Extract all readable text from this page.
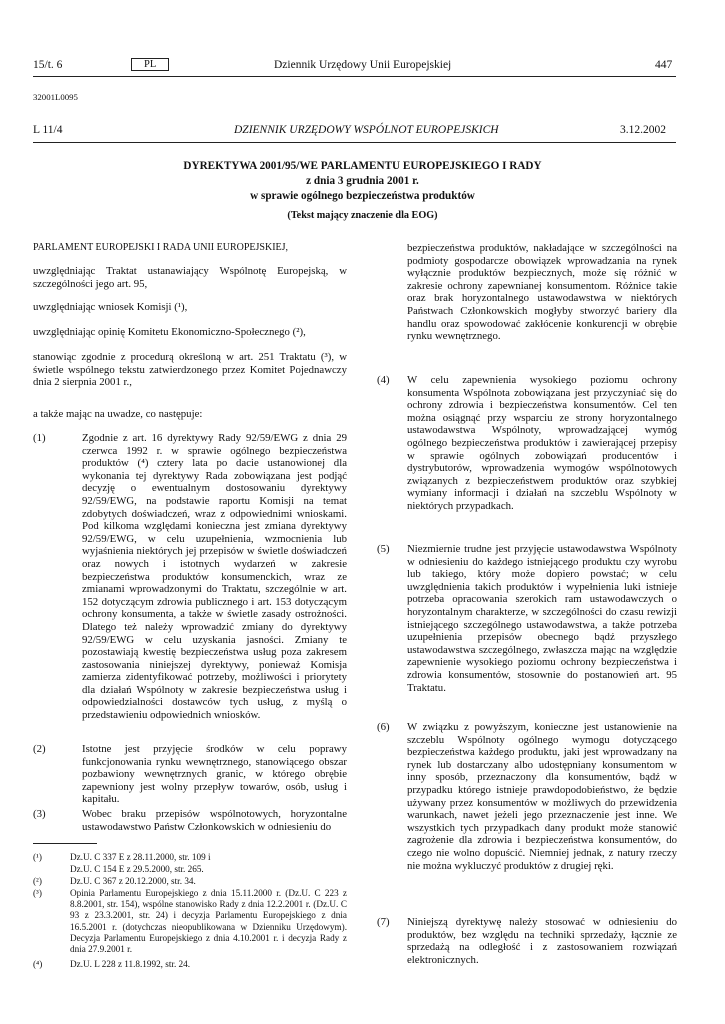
15/t. 6	PL	Dziennik Urzędowy Unii Europejskiej	447
32001L0095
L 11/4	DZIENNIK URZĘDOWY WSPÓLNOT EUROPEJSKICH	3.12.2002
DYREKTYWA 2001/95/WE PARLAMENTU EUROPEJSKIEGO I RADY
z dnia 3 grudnia 2001 r.
w sprawie ogólnego bezpieczeństwa produktów
(Tekst mający znaczenie dla EOG)

PARLAMENT EUROPEJSKI I RADA UNII EUROPEJSKIEJ,

uwzględniając Traktat ustanawiający Wspólnotę Europejską, w szczególności jego art. 95,

uwzględniając wniosek Komisji (¹),

uwzględniając opinię Komitetu Ekonomiczno-Społecznego (²),

stanowiąc zgodnie z procedurą określoną w art. 251 Traktatu (³), w świetle wspólnego tekstu zatwierdzonego przez Komitet Pojednawczy dnia 2 sierpnia 2001 r.,

a także mając na uwadze, co następuje:

(1)	Zgodnie z art. 16 dyrektywy Rady 92/59/EWG z dnia 29 czerwca 1992 r. w sprawie ogólnego bezpieczeństwa produktów (⁴) cztery lata po dacie ustanowionej dla wykonania tej dyrektywy Rada zobowiązana jest podjąć decyzję o ewentualnym dostosowaniu dyrektywy 92/59/EWG, na podstawie raportu Komisji na temat zdobytych doświadczeń, wraz z odpowiednimi wnioskami. Pod kilkoma względami konieczna jest zmiana dyrektywy 92/59/EWG, w celu uzupełnienia, wzmocnienia lub wyjaśnienia niektórych jej przepisów w świetle doświadczeń oraz nowych i istotnych wydarzeń w zakresie bezpieczeństwa produktów konsumenckich, wraz ze zmianami wprowadzonymi do Traktatu, szczególnie w art. 152 dotyczącym zdrowia publicznego i art. 153 dotyczącym ochrony konsumenta, a także w świetle zasady ostrożności. Dlatego też należy wprowadzić zmiany do dyrektywy 92/59/EWG w celu uzyskania jasności. Zmiany te pozostawiają kwestię bezpieczeństwa usług poza zakresem zastosowania niniejszej dyrektywy, ponieważ Komisja zamierza zidentyfikować potrzeby, możliwości i priorytety dla działań Wspólnoty w zakresie bezpieczeństwa usług i odpowiedzialności dostawców tych usług, z myślą o przedstawieniu odpowiednich wniosków.

(2)	Istotne jest przyjęcie środków w celu poprawy funkcjonowania rynku wewnętrznego, stanowiącego obszar pozbawiony wewnętrznych granic, w którego obrębie zapewniony jest wolny przepływ towarów, osób, usług i kapitału.

(3)	Wobec braku przepisów wspólnotowych, horyzontalne ustawodawstwo Państw Członkowskich w odniesieniu do

(¹)	Dz.U. C 337 E z 28.11.2000, str. 109 i

Dz.U. C 154 E z 29.5.2000, str. 265.

(²)	Dz.U. C 367 z 20.12.2000, str. 34.

(³)	Opinia Parlamentu Europejskiego z dnia 15.11.2000 r. (Dz.U. C 223 z 8.8.2001, str. 154), wspólne stanowisko Rady z dnia 12.2.2001 r. (Dz.U. C 93 z 23.3.2001, str. 24) i decyzja Parlamentu Europejskiego z dnia 16.5.2001 r. (dotychczas nieopublikowana w Dzienniku Urzędowym). Decyzja Parlamentu Europejskiego z dnia 4.10.2001 r. i decyzja Rady z dnia 27.9.2001 r.

(⁴)	Dz.U. L 228 z 11.8.1992, str. 24.

bezpieczeństwa produktów, nakładające w szczególności na podmioty gospodarcze obowiązek wprowadzania na rynek wyłącznie produktów bezpiecznych, może się różnić w zakresie ochrony zapewnianej konsumentom. Różnice takie oraz brak horyzontalnego ustawodawstwa w niektórych Państwach Członkowskich mogłyby stworzyć bariery dla handlu oraz spowodować zakłócenie konkurencji w obrębie rynku wewnętrznego.

(4) W celu zapewnienia wysokiego poziomu ochrony konsumenta Wspólnota zobowiązana jest przyczyniać się do ochrony zdrowia i bezpieczeństwa konsumentów. Cel ten można osiągnąć przy wsparciu ze strony horyzontalnego ustawodawstwa Wspólnoty, wprowadzającej wymóg ogólnego bezpieczeństwa produktów i zawierającej przepisy w sprawie ogólnych zobowiązań producentów i dystrybutorów, wprowadzenia wymogów wspólnotowych związanych z bezpieczeństwem produktów oraz szybkiej wymiany informacji i działań na szczeblu Wspólnoty w niektórych przypadkach.

(5) Niezmiernie trudne jest przyjęcie ustawodawstwa Wspólnoty w odniesieniu do każdego istniejącego produktu czy wyrobu lub takiego, który może dopiero powstać; w celu uwzględnienia takich produktów i wypełnienia luki istnieje potrzeba opracowania szerokich ram ustawodawczych o horyzontalnym charakterze, w szczególności do czasu rewizji istniejącego szczególnego ustawodawstwa, a także potrzeba uzupełnienia przepisów obecnego bądź przyszłego ustawodawstwa szczególnego, zwłaszcza mając na względzie zapewnienie wysokiego poziomu ochrony bezpieczeństwa i zdrowia konsumentów, stosownie do postanowień art. 95 Traktatu.

(6) W związku z powyższym, konieczne jest ustanowienie na szczeblu Wspólnoty ogólnego wymogu dotyczącego bezpieczeństwa każdego produktu, jaki jest wprowadzany na rynek lub dostarczany albo udostępniany konsumentom w inny sposób, przeznaczony dla konsumentów, bądź w przypadku którego istnieje prawdopodobieństwo, że będzie używany przez konsumentów w możliwych do przewidzenia warunkach, nawet jeżeli jego przeznaczenie jest inne. We wszystkich tych przypadkach dany produkt może stanowić zagrożenie dla zdrowia i bezpieczeństwa konsumentów, do czego nie wolno dopuścić. Niemniej jednak, z natury rzeczy nie można wykluczyć produktów z drugiej ręki.

(7) Niniejszą dyrektywę należy stosować w odniesieniu do produktów, bez względu na techniki sprzedaży, łącznie ze sprzedażą na odległość i z zastosowaniem rozwiązań elektronicznych.
